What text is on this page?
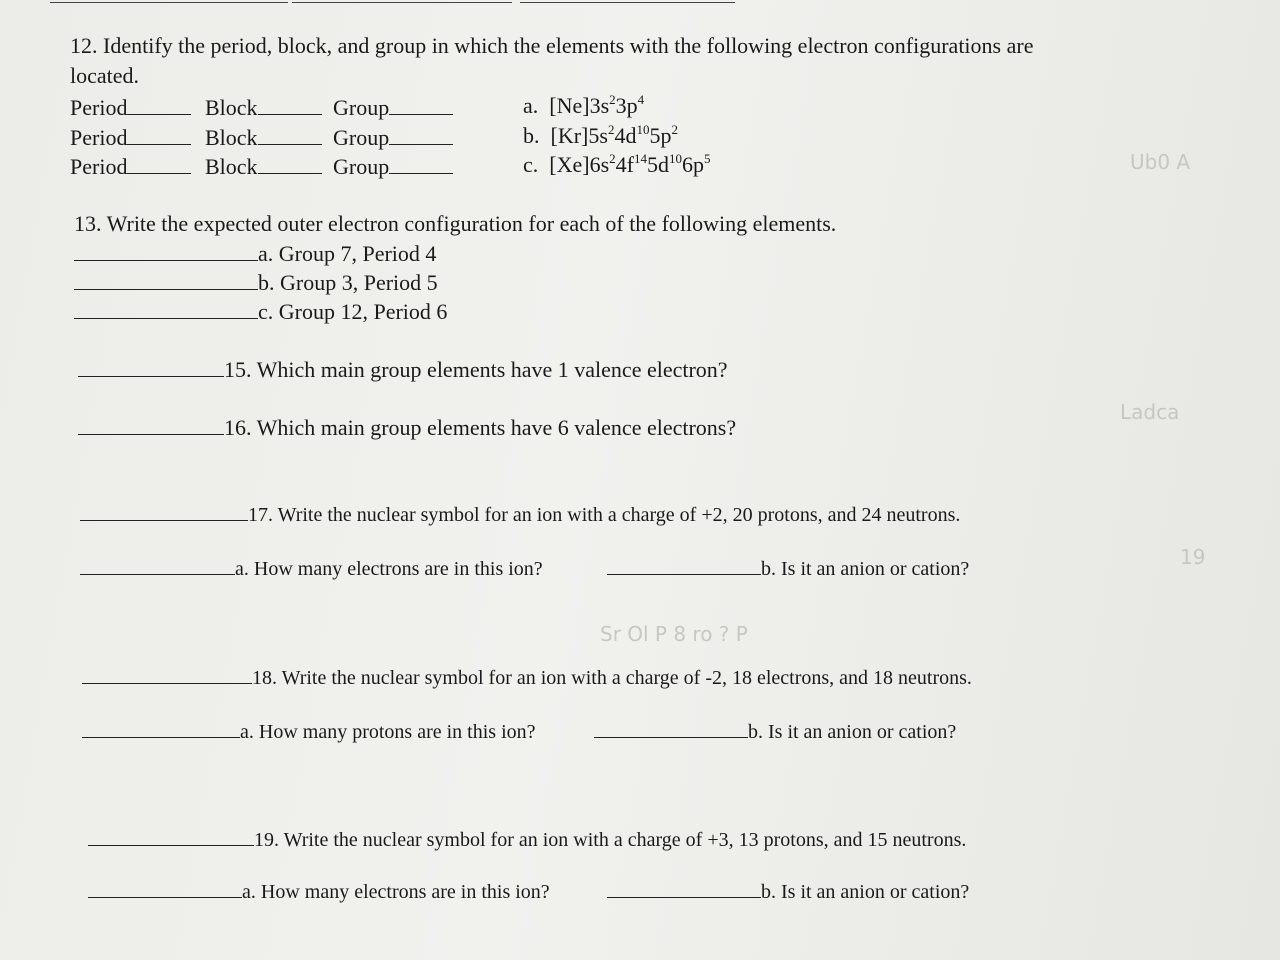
Ub0 A
Ladca
19
Sr Ol P 8 ro ? P
12. Identify the period, block, and group in which the elements with the following electron configurations are
located.
Period	Block	Group
Period	Block	Group
Period	Block	Group
a. $[Ne]3s^23p^4$
b. $[Kr]5s^24d^{10}5p^2$
c. $[Xe]6s^24f^{14}5d^{10}6p^5$
13. Write the expected outer electron configuration for each of the following elements.
a. Group 7, Period 4
b. Group 3, Period 5
c. Group 12, Period 6
15. Which main group elements have 1 valence electron?
16. Which main group elements have 6 valence electrons?
17. Write the nuclear symbol for an ion with a charge of +2, 20 protons, and 24 neutrons.
a. How many electrons are in this ion?	b. Is it an anion or cation?
18. Write the nuclear symbol for an ion with a charge of -2, 18 electrons, and 18 neutrons.
a. How many protons are in this ion?	b. Is it an anion or cation?
19. Write the nuclear symbol for an ion with a charge of +3, 13 protons, and 15 neutrons.
a. How many electrons are in this ion?	b. Is it an anion or cation?
